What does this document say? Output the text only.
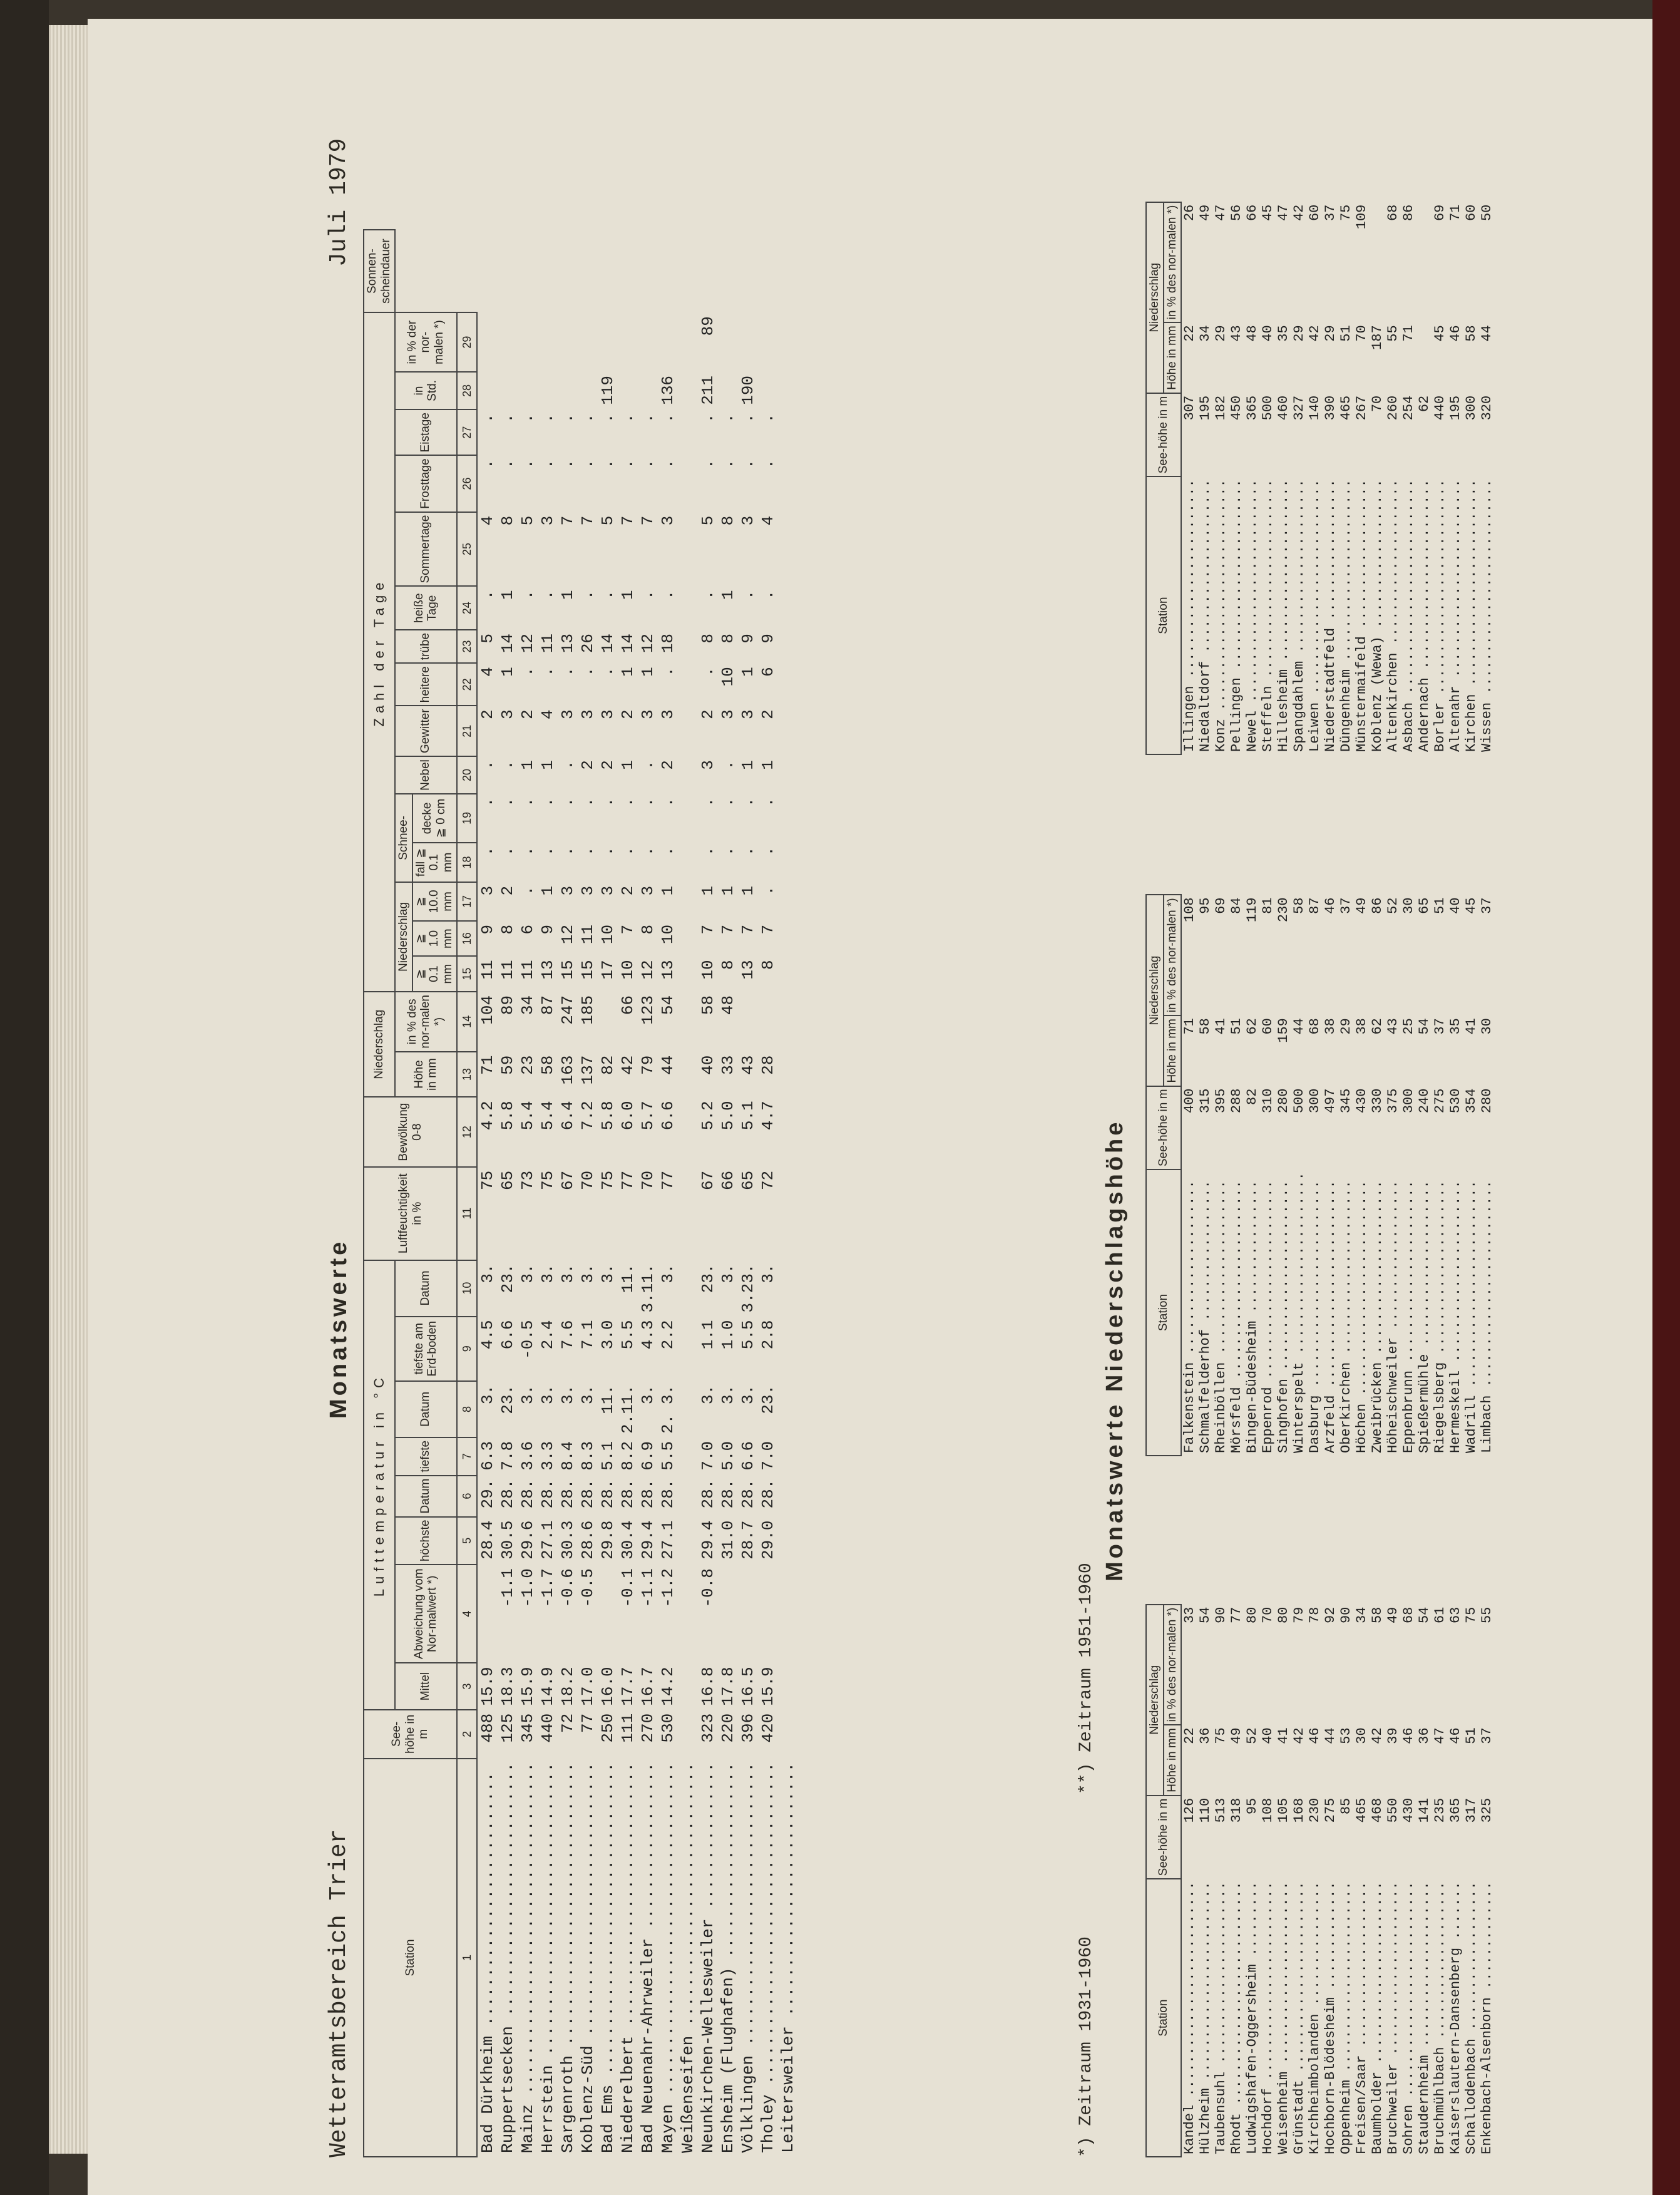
Wetteramtsbereich Trier
Juli 1979
Monatswerte
Station	See-höhe in m	Lufttemperatur in °C								Luftfeuchtigkeit in %	Bewölkung 0-8	Niederschlag		Zahl der Tage															Sonnen-scheindauer
		Mittel	Abweichung vom Nor-malwert *)	höchste	Datum	tiefste	Datum	tiefste am Erd-boden	Datum			Höhe in mm	in % des nor-malen *)	Niederschlag			Schnee-		Nebel	Gewitter	heitere	trübe	heiße Tage	Sommertage	Frosttage	Eistage	in Std.	in % der nor-malen *)	
														≧ 0.1 mm	≧ 1.0 mm	≧ 10.0 mm	fall ≧ 0.1 mm	decke ≧ 0 cm											
1	2	3	4	5	6	7	8	9	10	11	12	13	14	15	16	17	18	19	20	21	22	23	24	25	26	27	28	29	
Bad Dürkheim ..........................	488	15.9		28.4	29.	6.3	3.	4.5	3.	75	4.2	71	104	11	9	3	.	.	.	2	4	5	.	4	.	.			
Ruppertsecken ..........................	125	18.3	-1.1	30.5	28.	7.8	23.	6.6	23.	65	5.8	59	89	11	8	2	.	.	.	3	1	14	1	8	.	.			
Mainz ..................................	345	15.9	-1.0	29.6	28.	3.6	3.	-0.5	3.	73	5.4	23	34	11	6	.	.	.	1	2	.	12	.	5	.	.			
Herrstein ..............................	440	14.9	-1.7	27.1	28.	3.3	3.	2.4	3.	75	5.4	58	87	13	9	1	.	.	1	4	.	11	.	3	.	.			
Sargenroth .............................	72	18.2	-0.6	30.3	28.	8.4	3.	7.6	3.	67	6.4	163	247	15	12	3	.	.	.	3	.	13	1	7	.	.			
Koblenz-Süd ............................	77	17.0	-0.5	28.6	28.	8.3	3.	7.1	3.	70	7.2	137	185	15	11	3	.	.	2	3	.	26	.	7	.	.			
Bad Ems ................................	250	16.0		29.8	28.	5.1	11.	3.0	3.	75	5.8	82		17	10	3	.	.	2	3	.	14	.	5	.	.	119		
Niederelbert ...........................	111	17.7	-0.1	30.4	28.	8.2	2.11.	5.5	11.	77	6.0	42	66	10	7	2	.	.	1	2	1	14	1	7	.	.			
Bad Neuenahr-Ahrweiler .................	270	16.7	-1.1	29.4	28.	6.9	3.	4.3	3.11.	70	5.7	79	123	12	8	3	.	.	.	3	1	12	.	7	.	.			
Mayen ..................................	530	14.2	-1.2	27.1	28.	5.5	2. 3.	2.2	3.	77	6.6	44	54	13	10	1	.	.	2	3	.	18	.	3	.	.	136		
Weißenseifen ...........................																													
Neunkirchen-Wellesweiler ...............	323	16.8	-0.8	29.4	28.	7.0	3.	1.1	23.	67	5.2	40	58	10	7	1	.	.	3	2	.	8	.	5	.	.	211	89	
Ensheim (Flughafen) ....................	220	17.8		31.0	28.	5.0	3.	1.0	3.	66	5.0	33	48	8	7	1	.	.	.	3	10	8	1	8	.	.			
Völklingen .............................	396	16.5		28.7	28.	6.6	3.	5.5	3.23.	65	5.1	43		13	7	1	.	.	1	3	1	9	.	3	.	.	190		
Tholey .................................	420	15.9		29.0	28.	7.0	23.	2.8	3.	72	4.7	28		8	7	.	.	.	1	2	6	9	.	4	.	.			
Leitersweiler ..........................																														*) Zeitraum 1931-1960
**) Zeitraum 1951-1960
Monatswerte Niederschlagshöhe
Station	See-höhe in m	Niederschlag	
		Höhe in mm	in % des nor-malen *)
Kandel ..........................	126	22	33
Hülzheim ........................	110	36	54
Taubensuhl ......................	513	75	90
Rhodt ...........................	318	49	77
Ludwigshafen-Oggersheim .........	95	52	80
Hochdorf ........................	108	40	70
Weisenheim ......................	105	41	80
Grünstadt .......................	168	42	79
Kirchheimbolanden ...............	230	46	78
Hochborn-Blödesheim .............	275	44	92
Oppenheim .......................	85	53	90
Freisen/Saar ....................	465	30	34
Baumholder ......................	468	42	58
Bruchweiler .....................	550	39	49
Sohren ..........................	430	46	68
Staudernheim ....................	141	36	54
Bruchmühlbach ...................	235	47	61
Kaiserslautern-Dansenberg .......	365	46	63
Schallodenbach ..................	317	51	75
Enkenbach-Alsenborn .............	325	37	55
Station	See-höhe in m	Niederschlag	
		Höhe in mm	in % des nor-malen *)
Falkenstein .....................	400	71	108
Schmalfelderhof .................	315	58	95
Rheinböllen .....................	395	41	69
Mörsfeld ........................	288	51	84
Bingen-Büdesheim ................	82	62	119
Eppenrod ........................	310	60	81
Singhofen .......................	280	159	230
Winterspelt ......................	500	44	58
Dasburg .........................	300	68	87
Arzfeld .........................	497	38	46
Oberkirchen .....................	345	29	37
Höchen ..........................	430	38	49
Zweibrücken .....................	330	62	86
Höheischweiler ..................	375	43	52
Eppenbrunn ......................	300	25	30
Spießermühle ....................	240	54	65
Riegelsberg .....................	275	37	51
Hermeskeil ......................	530	35	40
Wadrill .........................	354	41	45
Limbach .........................	280	30	37
Station	See-höhe in m	Niederschlag	
		Höhe in mm	in % des nor-malen *)
Illingen ........................	307	22	26
Niedaltdorf .....................	195	34	49
Konz ............................	182	29	47
Pellingen .......................	450	43	56
Newel ...........................	365	48	66
Steffeln ........................	500	40	45
Hillesheim ......................	460	35	47
Spangdahlem .....................	327	29	42
Leiwen ..........................	140	42	60
Niederstadtfeld .................	390	29	37
Düngenheim ......................	465	51	75
Münstermaifeld ..................	267	70	109
Koblenz (Wewa) ..................	70	187	
Altenkirchen ....................	260	55	68
Asbach ..........................	254	71	86
Andernach .......................	62		
Borler ..........................	440	45	69
Altenahr ........................	195	46	71
Kirchen .........................	300	58	60
Wissen ..........................	320	44	50
